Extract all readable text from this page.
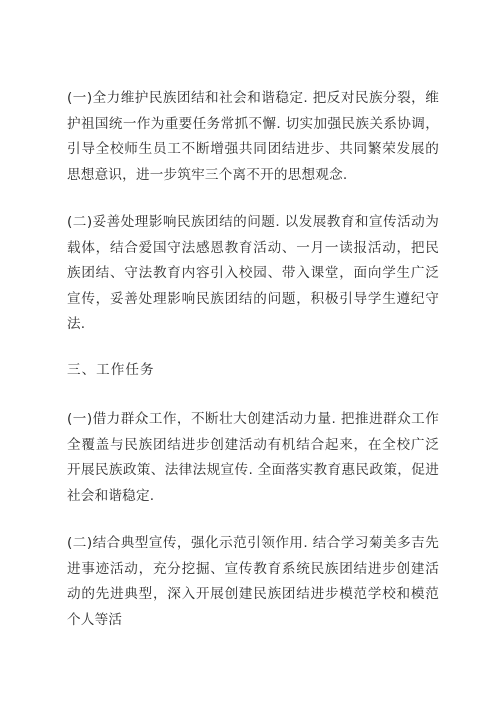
(一)全力维护民族团结和社会和谐稳定. 把反对民族分裂，维护祖国统一作为重要任务常抓不懈. 切实加强民族关系协调，引导全校师生员工不断增强共同团结进步、共同繁荣发展的思想意识，进一步筑牢三个离不开的思想观念.

(二)妥善处理影响民族团结的问题. 以发展教育和宣传活动为载体，结合爱国守法感恩教育活动、一月一读报活动，把民族团结、守法教育内容引入校园、带入课堂，面向学生广泛宣传，妥善处理影响民族团结的问题，积极引导学生遵纪守法.

三、工作任务

(一)借力群众工作，不断壮大创建活动力量. 把推进群众工作全覆盖与民族团结进步创建活动有机结合起来，在全校广泛开展民族政策、法律法规宣传. 全面落实教育惠民政策，促进社会和谐稳定.

(二)结合典型宣传，强化示范引领作用. 结合学习菊美多吉先进事迹活动，充分挖掘、宣传教育系统民族团结进步创建活动的先进典型，深入开展创建民族团结进步模范学校和模范个人等活
